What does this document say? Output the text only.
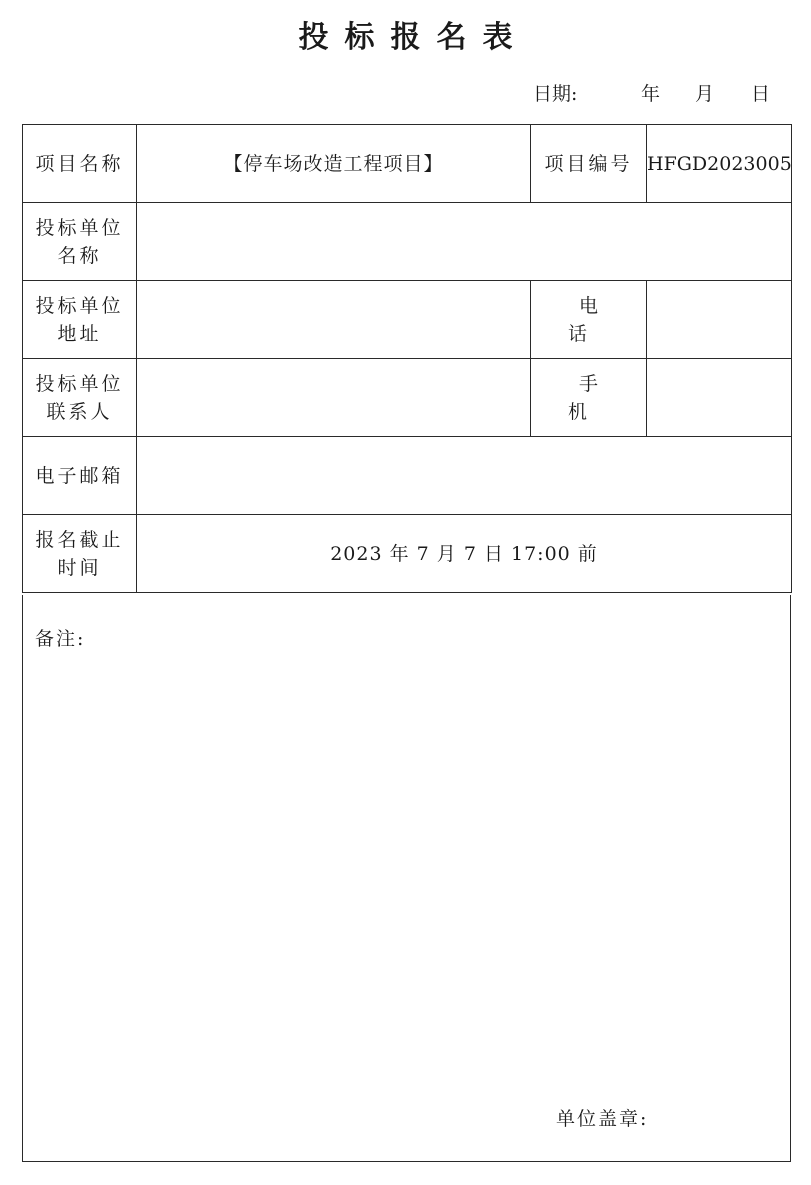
投标报名表
日期:	年 月 日
项目名称	【停车场改造工程项目】	项目编号	HFGD2023005
投标单位名称			
投标单位地址		电 话	
投标单位联系人		手 机	
电子邮箱			
报名截止时间	2023 年 7 月 7 日 17:00 前		
备注:
单位盖章:
